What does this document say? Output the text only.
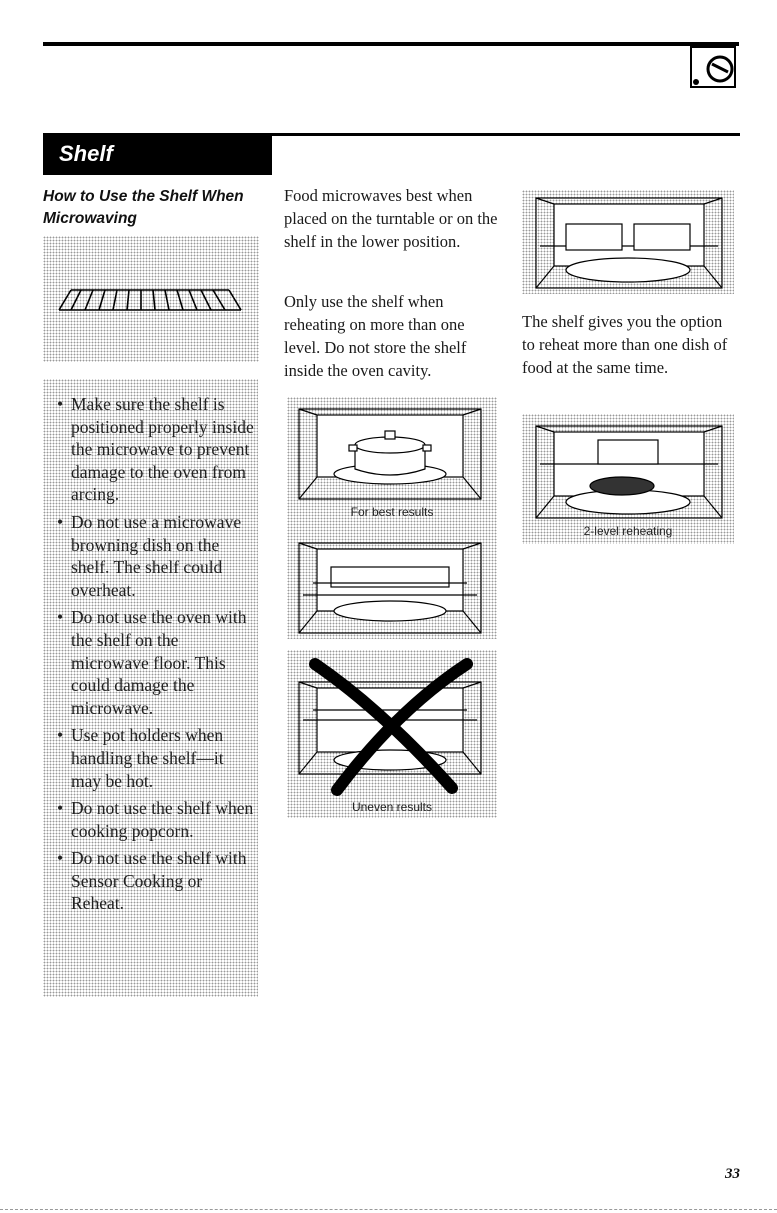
Shelf
How to Use the Shelf When Microwaving
• Make sure the shelf is positioned properly inside the microwave to prevent damage to the oven from arcing.
• Do not use a microwave browning dish on the shelf. The shelf could overheat.
• Do not use the oven with the shelf on the microwave floor. This could damage the microwave.
• Use pot holders when handling the shelf—it may be hot.
• Do not use the shelf when cooking popcorn.
• Do not use the shelf with Sensor Cooking or Reheat.

Food microwaves best when placed on the turntable or on the shelf in the lower position.

Only use the shelf when reheating on more than one level. Do not store the shelf inside the oven cavity.

For best results
Uneven results

The shelf gives you the option to reheat more than one dish of food at the same time.

2-level reheating
33
